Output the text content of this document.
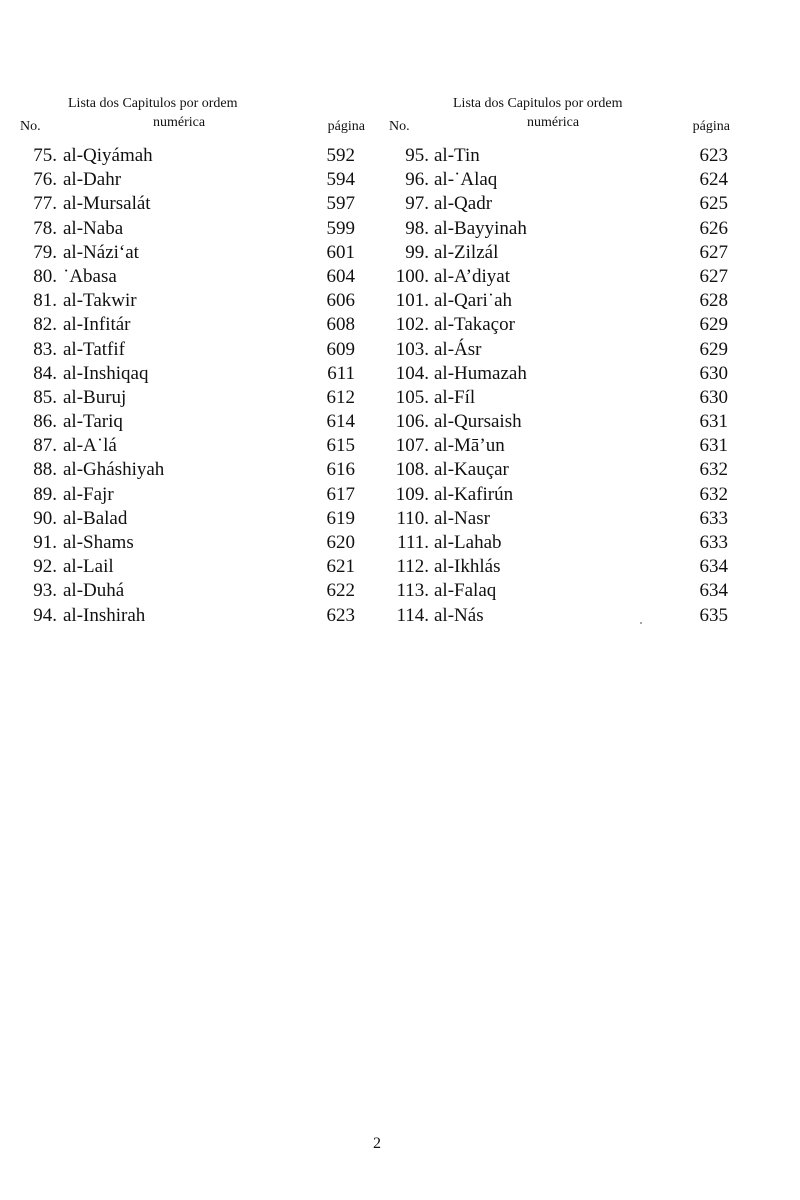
Lista dos Capitulos por ordem
numérica
No.	página
75. al-Qiyámah	592
76. al-Dahr	594
77. al-Mursalát	597
78. al-Naba	599
79. al-Názi‘at	601
80. ˙Abasa	604
81. al-Takwir	606
82. al-Infitár	608
83. al-Tatfif	609
84. al-Inshiqaq	611
85. al-Buruj	612
86. al-Tariq	614
87. al-A˙lá	615
88. al-Gháshiyah	616
89. al-Fajr	617
90. al-Balad	619
91. al-Shams	620
92. al-Lail	621
93. al-Duhá	622
94. al-Inshirah	623
Lista dos Capitulos por ordem
numérica
No.	página
95. al-Tin	623
96. al-˙Alaq	624
97. al-Qadr	625
98. al-Bayyinah	626
99. al-Zilzál	627
100. al-A’diyat	627
101. al-Qari˙ah	628
102. al-Takaçor	629
103. al-Ásr	629
104. al-Humazah	630
105. al-Fíl	630
106. al-Qursaish	631
107. al-Mā’un	631
108. al-Kauçar	632
109. al-Kafirún	632
110. al-Nasr	633
111. al-Lahab	633
112. al-Ikhlás	634
113. al-Falaq	634
114. al-Nás	635
2
